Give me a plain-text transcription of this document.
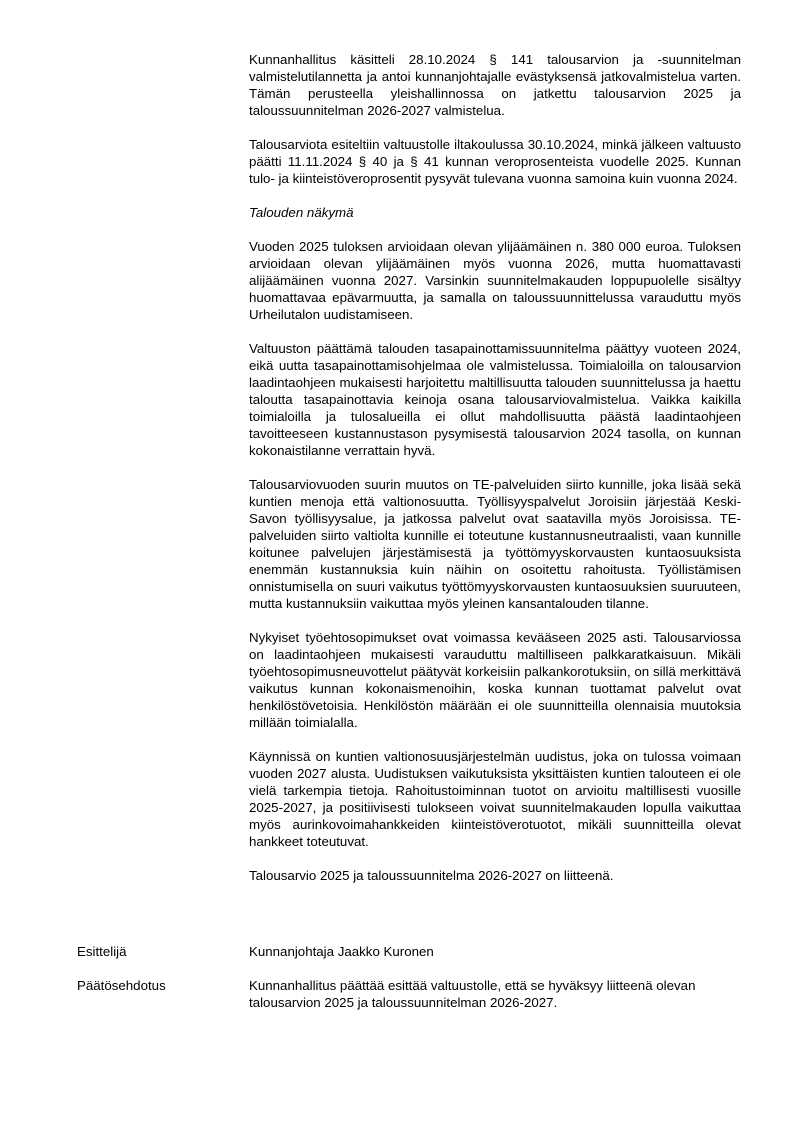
Kunnanhallitus käsitteli 28.10.2024 § 141 talousarvion ja -suunnitelman valmistelutilannetta ja antoi kunnanjohtajalle evästyksensä jatkovalmistelua varten. Tämän perusteella yleishallinnossa on jatkettu talousarvion 2025 ja taloussuunnitelman 2026-2027 valmistelua.

Talousarviota esiteltiin valtuustolle iltakoulussa 30.10.2024, minkä jälkeen valtuusto päätti 11.11.2024 § 40 ja § 41 kunnan veroprosenteista vuodelle 2025. Kunnan tulo- ja kiinteistöveroprosentit pysyvät tulevana vuonna samoina kuin vuonna 2024.

Talouden näkymä

Vuoden 2025 tuloksen arvioidaan olevan ylijäämäinen n. 380 000 euroa. Tuloksen arvioidaan olevan ylijäämäinen myös vuonna 2026, mutta huomattavasti alijäämäinen vuonna 2027. Varsinkin suunnitelmakauden loppupuolelle sisältyy huomattavaa epävarmuutta, ja samalla on taloussuunnittelussa varauduttu myös Urheilutalon uudistamiseen.

Valtuuston päättämä talouden tasapainottamissuunnitelma päättyy vuoteen 2024, eikä uutta tasapainottamisohjelmaa ole valmistelussa. Toimialoilla on talousarvion laadintaohjeen mukaisesti harjoitettu maltillisuutta talouden suunnittelussa ja haettu taloutta tasapainottavia keinoja osana talousarviovalmistelua. Vaikka kaikilla toimialoilla ja tulosalueilla ei ollut mahdollisuutta päästä laadintaohjeen tavoitteeseen kustannustason pysymisestä talousarvion 2024 tasolla, on kunnan kokonaistilanne verrattain hyvä.

Talousarviovuoden suurin muutos on TE-palveluiden siirto kunnille, joka lisää sekä kuntien menoja että valtionosuutta. Työllisyyspalvelut Joroisiin järjestää Keski-Savon työllisyysalue, ja jatkossa palvelut ovat saatavilla myös Joroisissa. TE-palveluiden siirto valtiolta kunnille ei toteutune kustannusneutraalisti, vaan kunnille koitunee palvelujen järjestämisestä ja työttömyyskorvausten kuntaosuuksista enemmän kustannuksia kuin näihin on osoitettu rahoitusta. Työllistämisen onnistumisella on suuri vaikutus työttömyyskorvausten kuntaosuuksien suuruuteen, mutta kustannuksiin vaikuttaa myös yleinen kansantalouden tilanne.

Nykyiset työehtosopimukset ovat voimassa kevääseen 2025 asti. Talousarviossa on laadintaohjeen mukaisesti varauduttu maltilliseen palkkaratkaisuun. Mikäli työehtosopimusneuvottelut päätyvät korkeisiin palkankorotuksiin, on sillä merkittävä vaikutus kunnan kokonaismenoihin, koska kunnan tuottamat palvelut ovat henkilöstövetoisia. Henkilöstön määrään ei ole suunnitteilla olennaisia muutoksia millään toimialalla.

Käynnissä on kuntien valtionosuusjärjestelmän uudistus, joka on tulossa voimaan vuoden 2027 alusta. Uudistuksen vaikutuksista yksittäisten kuntien talouteen ei ole vielä tarkempia tietoja. Rahoitustoiminnan tuotot on arvioitu maltillisesti vuosille 2025-2027, ja positiivisesti tulokseen voivat suunnitelmakauden lopulla vaikuttaa myös aurinkovoimahankkeiden kiinteistöverotuotot, mikäli suunnitteilla olevat hankkeet toteutuvat.

Talousarvio 2025 ja taloussuunnitelma 2026-2027 on liitteenä.

Esittelijä	Kunnanjohtaja Jaakko Kuronen
Päätösehdotus	Kunnanhallitus päättää esittää valtuustolle, että se hyväksyy liitteenä olevan talousarvion 2025 ja taloussuunnitelman 2026-2027.
